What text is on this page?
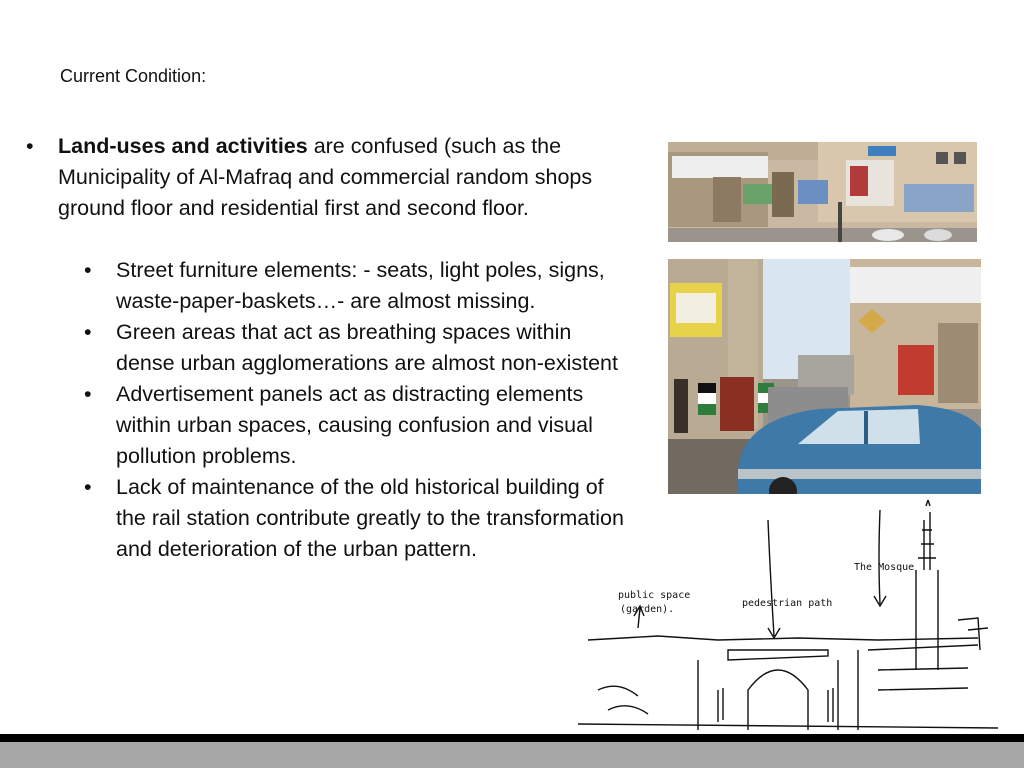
Current Condition:
•	Land-uses and activities are confused (such as the Municipality of Al-Mafraq and commercial random shops ground floor and residential first and second floor.
•	Street furniture elements: - seats, light poles, signs, waste-paper-baskets…- are almost missing.
•	Green areas that act as breathing spaces within dense urban agglomerations are almost non-existent
•	Advertisement panels act as distracting elements within urban spaces, causing confusion and visual pollution problems.
•	Lack of maintenance of the old historical building of the rail station contribute greatly to the transformation and deterioration of the urban pattern.
public space
(garden).
pedestrian path
The Mosque
